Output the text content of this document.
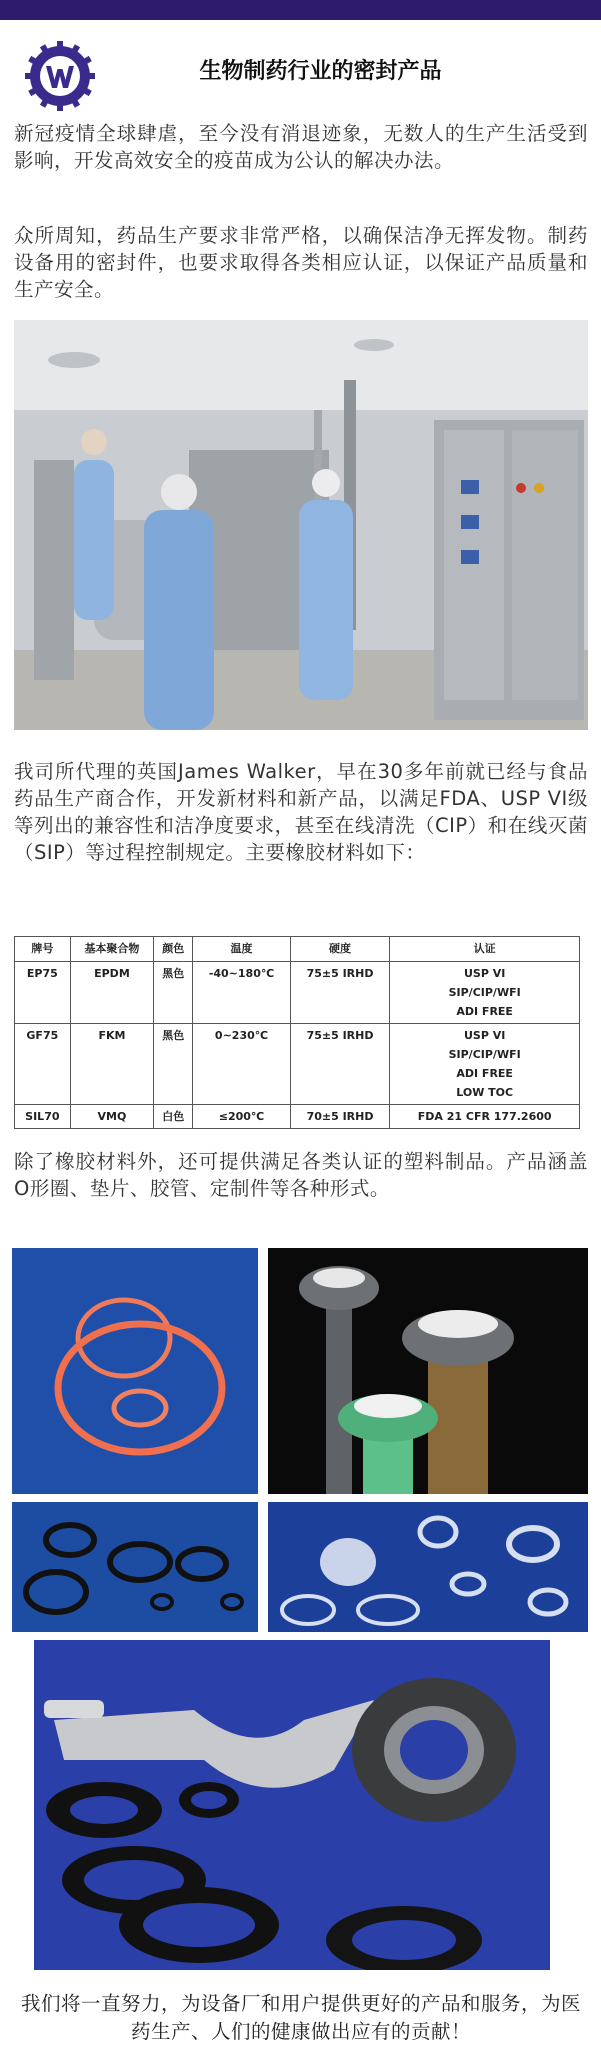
生物制药行业的密封产品
新冠疫情全球肆虐，至今没有消退迹象，无数人的生产生活受到影响，开发高效安全的疫苗成为公认的解决办法。
众所周知，药品生产要求非常严格，以确保洁净无挥发物。制药设备用的密封件，也要求取得各类相应认证，以保证产品质量和生产安全。
我司所代理的英国James Walker，早在30多年前就已经与食品药品生产商合作，开发新材料和新产品，以满足FDA、USP VI级等列出的兼容性和洁净度要求，甚至在线清洗（CIP）和在线灭菌（SIP）等过程控制规定。主要橡胶材料如下：
牌号	基本聚合物	颜色	温度	硬度	认证
EP75	EPDM	黑色	-40~180℃	75±5 IRHD	USP VI
SIP/CIP/WFI
ADI FREE

GF75	FKM	黑色	0~230℃	75±5 IRHD	USP VI
SIP/CIP/WFI
ADI FREE
LOW TOC

SIL70	VMQ	白色	≤200℃	70±5 IRHD	FDA 21 CFR 177.2600
除了橡胶材料外，还可提供满足各类认证的塑料制品。产品涵盖O形圈、垫片、胶管、定制件等各种形式。
我们将一直努力，为设备厂和用户提供更好的产品和服务，为医药生产、人们的健康做出应有的贡献！
